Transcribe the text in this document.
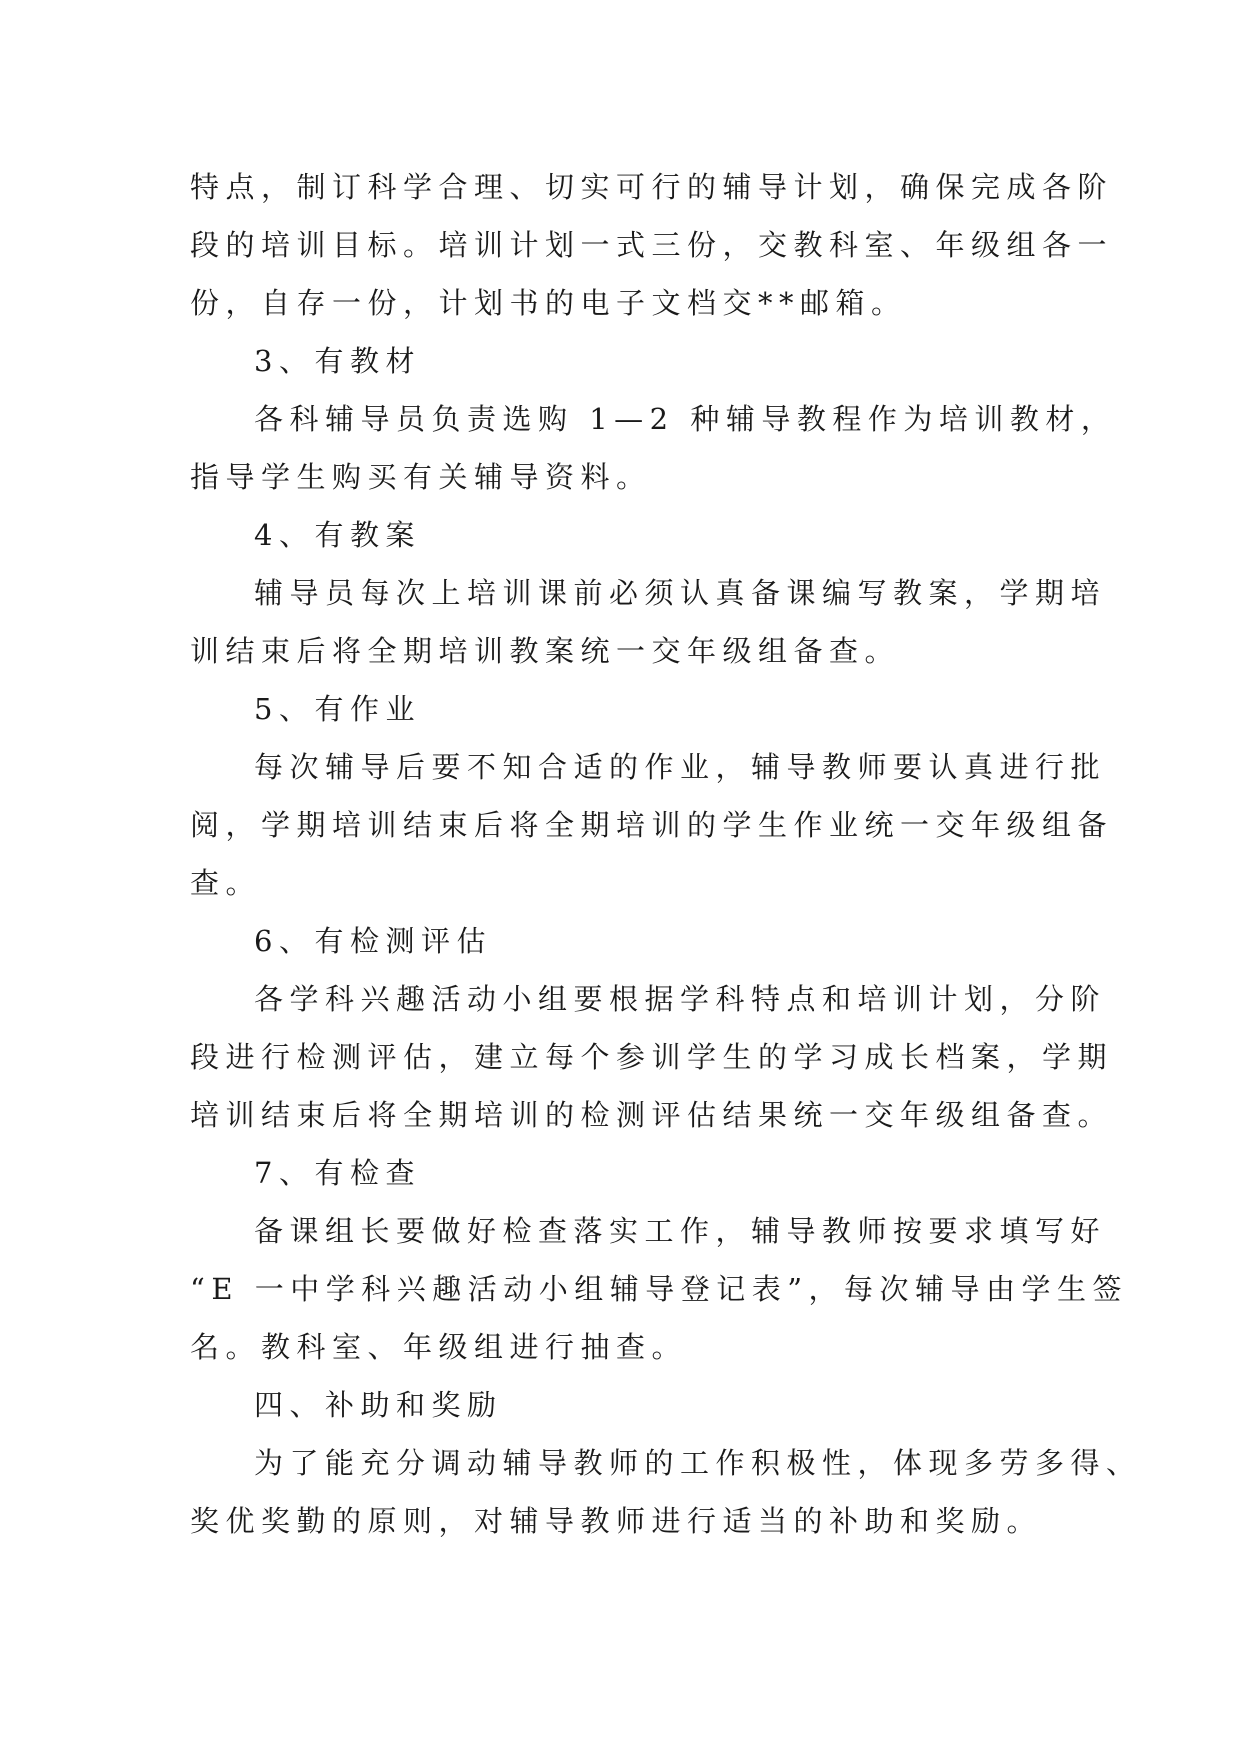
特点，制订科学合理、切实可行的辅导计划，确保完成各阶
段的培训目标。培训计划一式三份，交教科室、年级组各一
份，自存一份，计划书的电子文档交**邮箱。
3、有教材
各科辅导员负责选购 1—2 种辅导教程作为培训教材，
指导学生购买有关辅导资料。
4、有教案
辅导员每次上培训课前必须认真备课编写教案，学期培
训结束后将全期培训教案统一交年级组备查。
5、有作业
每次辅导后要不知合适的作业，辅导教师要认真进行批
阅，学期培训结束后将全期培训的学生作业统一交年级组备
查。
6、有检测评估
各学科兴趣活动小组要根据学科特点和培训计划，分阶
段进行检测评估，建立每个参训学生的学习成长档案，学期
培训结束后将全期培训的检测评估结果统一交年级组备查。
7、有检查
备课组长要做好检查落实工作，辅导教师按要求填写好
“E 一中学科兴趣活动小组辅导登记表”，每次辅导由学生签
名。教科室、年级组进行抽查。
四、补助和奖励
为了能充分调动辅导教师的工作积极性，体现多劳多得、
奖优奖勤的原则，对辅导教师进行适当的补助和奖励。
